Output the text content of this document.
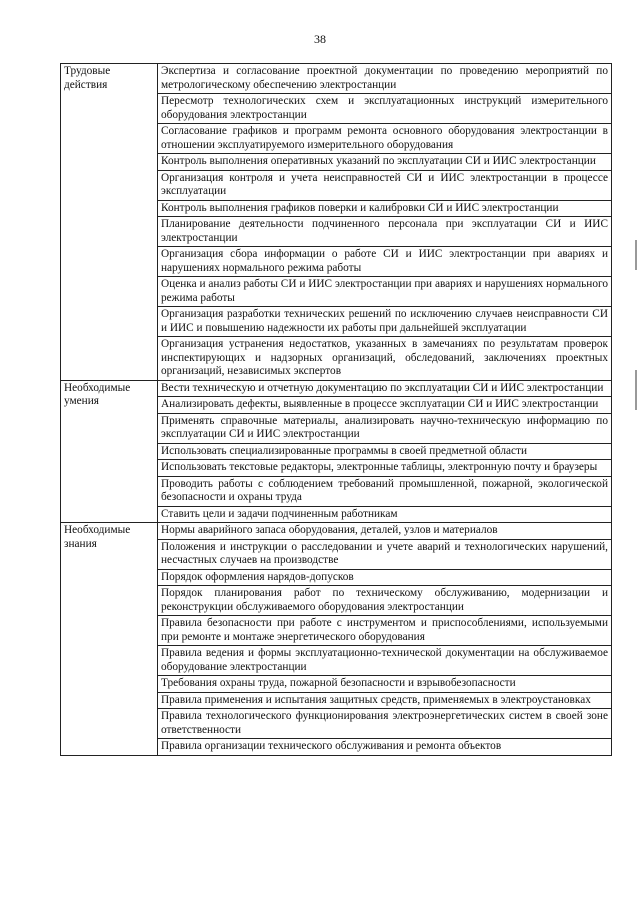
38
Трудовые действия	Экспертиза и согласование проектной документации по проведению мероприятий по метрологическому обеспечению электростанции
	Пересмотр технологических схем и эксплуатационных инструкций измерительного оборудования электростанции
	Согласование графиков и программ ремонта основного оборудования электростанции в отношении эксплуатируемого измерительного оборудования
	Контроль выполнения оперативных указаний по эксплуатации СИ и ИИС электростанции
	Организация контроля и учета неисправностей СИ и ИИС электростанции в процессе эксплуатации
	Контроль выполнения графиков поверки и калибровки СИ и ИИС электростанции
	Планирование деятельности подчиненного персонала при эксплуатации СИ и ИИС электростанции
	Организация сбора информации о работе СИ и ИИС электростанции при авариях и нарушениях нормального режима работы
	Оценка и анализ работы СИ и ИИС электростанции при авариях и нарушениях нормального режима работы
	Организация разработки технических решений по исключению случаев неисправности СИ и ИИС и повышению надежности их работы при дальнейшей эксплуатации
	Организация устранения недостатков, указанных в замечаниях по результатам проверок инспектирующих и надзорных организаций, обследований, заключениях проектных организаций, независимых экспертов
Необходимые умения	Вести техническую и отчетную документацию по эксплуатации СИ и ИИС электростанции
	Анализировать дефекты, выявленные в процессе эксплуатации СИ и ИИС электростанции
	Применять справочные материалы, анализировать научно-техническую информацию по эксплуатации СИ и ИИС электростанции
	Использовать специализированные программы в своей предметной области
	Использовать текстовые редакторы, электронные таблицы, электронную почту и браузеры
	Проводить работы с соблюдением требований промышленной, пожарной, экологической безопасности и охраны труда
	Ставить цели и задачи подчиненным работникам
Необходимые знания	Нормы аварийного запаса оборудования, деталей, узлов и материалов
	Положения и инструкции о расследовании и учете аварий и технологических нарушений, несчастных случаев на производстве
	Порядок оформления нарядов-допусков
	Порядок планирования работ по техническому обслуживанию, модернизации и реконструкции обслуживаемого оборудования электростанции
	Правила безопасности при работе с инструментом и приспособлениями, используемыми при ремонте и монтаже энергетического оборудования
	Правила ведения и формы эксплуатационно-технической документации на обслуживаемое оборудование электростанции
	Требования охраны труда, пожарной безопасности и взрывобезопасности
	Правила применения и испытания защитных средств, применяемых в электроустановках
	Правила технологического функционирования электроэнергетических систем в своей зоне ответственности
	Правила организации технического обслуживания и ремонта объектов
